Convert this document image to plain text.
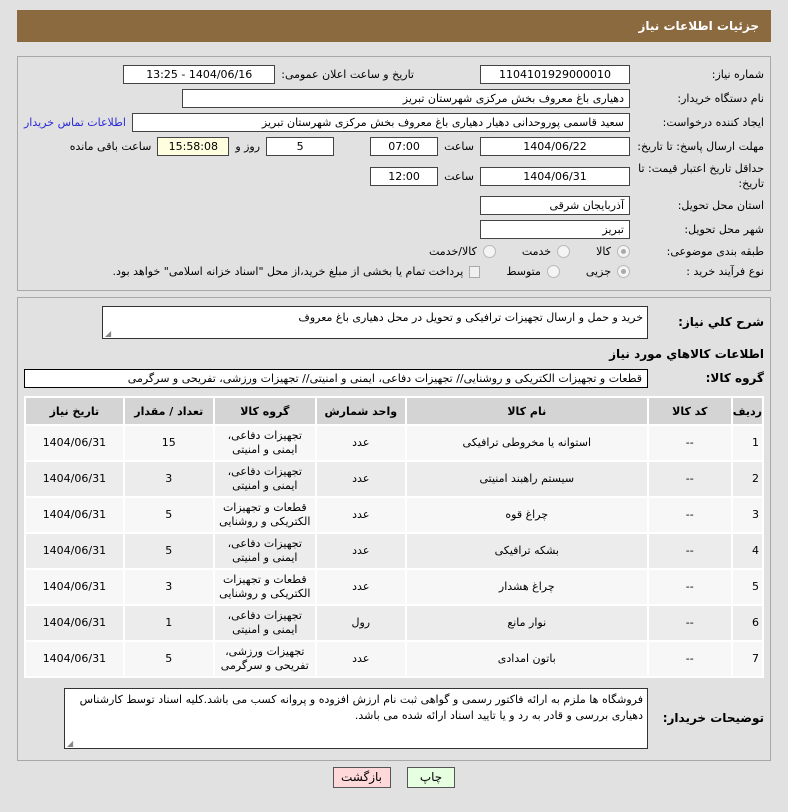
جزئیات اطلاعات نیاز
شماره نیاز:
1104101929000010
تاریخ و ساعت اعلان عمومی:
1404/06/16 - 13:25
نام دستگاه خریدار:
دهیاری باغ معروف بخش مرکزی شهرستان تبریز
ایجاد کننده درخواست:
سعید قاسمی پوروحدانی دهیار دهیاری باغ معروف بخش مرکزی شهرستان تبریز
اطلاعات تماس خریدار
مهلت ارسال پاسخ: تا تاریخ:
1404/06/22
ساعت
07:00
5
روز و
15:58:08
ساعت باقی مانده
حداقل تاریخ اعتبار قیمت: تا تاریخ:
1404/06/31
ساعت
12:00
استان محل تحویل:
آذربایجان شرقی
شهر محل تحویل:
تبریز
طبقه بندی موضوعی:
کالا
خدمت
کالا/خدمت
نوع فرآیند خرید :
جزیی
متوسط
پرداخت تمام یا بخشی از مبلغ خرید،از محل "اسناد خزانه اسلامی" خواهد بود.
شرح کلي نیاز:
خرید و حمل و ارسال تجهیزات ترافیکی و تحویل در محل دهیاری باغ معروف
◢
اطلاعات کالاهاي مورد نیاز
گروه کالا:
قطعات و تجهیزات الکتریکی و روشنایی// تجهیزات دفاعی، ایمنی و امنیتی// تجهیزات ورزشی، تفریحی و سرگرمی
ردیف	کد کالا	نام کالا	واحد شمارش	گروه کالا	تعداد / مقدار	تاریخ نیاز
1	--	استوانه یا مخروطی ترافیکی	عدد	تجهیزات دفاعی، ایمنی و امنیتی	15	1404/06/31
2	--	سیستم راهبند امنیتی	عدد	تجهیزات دفاعی، ایمنی و امنیتی	3	1404/06/31
3	--	چراغ قوه	عدد	قطعات و تجهیزات الکتریکی و روشنایی	5	1404/06/31
4	--	بشکه ترافیکی	عدد	تجهیزات دفاعی، ایمنی و امنیتی	5	1404/06/31
5	--	چراغ هشدار	عدد	قطعات و تجهیزات الکتریکی و روشنایی	3	1404/06/31
6	--	نوار مانع	رول	تجهیزات دفاعی، ایمنی و امنیتی	1	1404/06/31
7	--	باتون امدادی	عدد	تجهیزات ورزشی، تفریحی و سرگرمی	5	1404/06/31
توضیحات خریدار:
فروشگاه ها ملزم به ارائه فاکتور رسمی و گواهی ثبت نام ارزش افزوده و پروانه کسب می باشد.کلیه اسناد توسط کارشناس دهیاری بررسی و قادر به رد و یا تایید اسناد ارائه شده می باشد.
◢
چاپ
بازگشت
